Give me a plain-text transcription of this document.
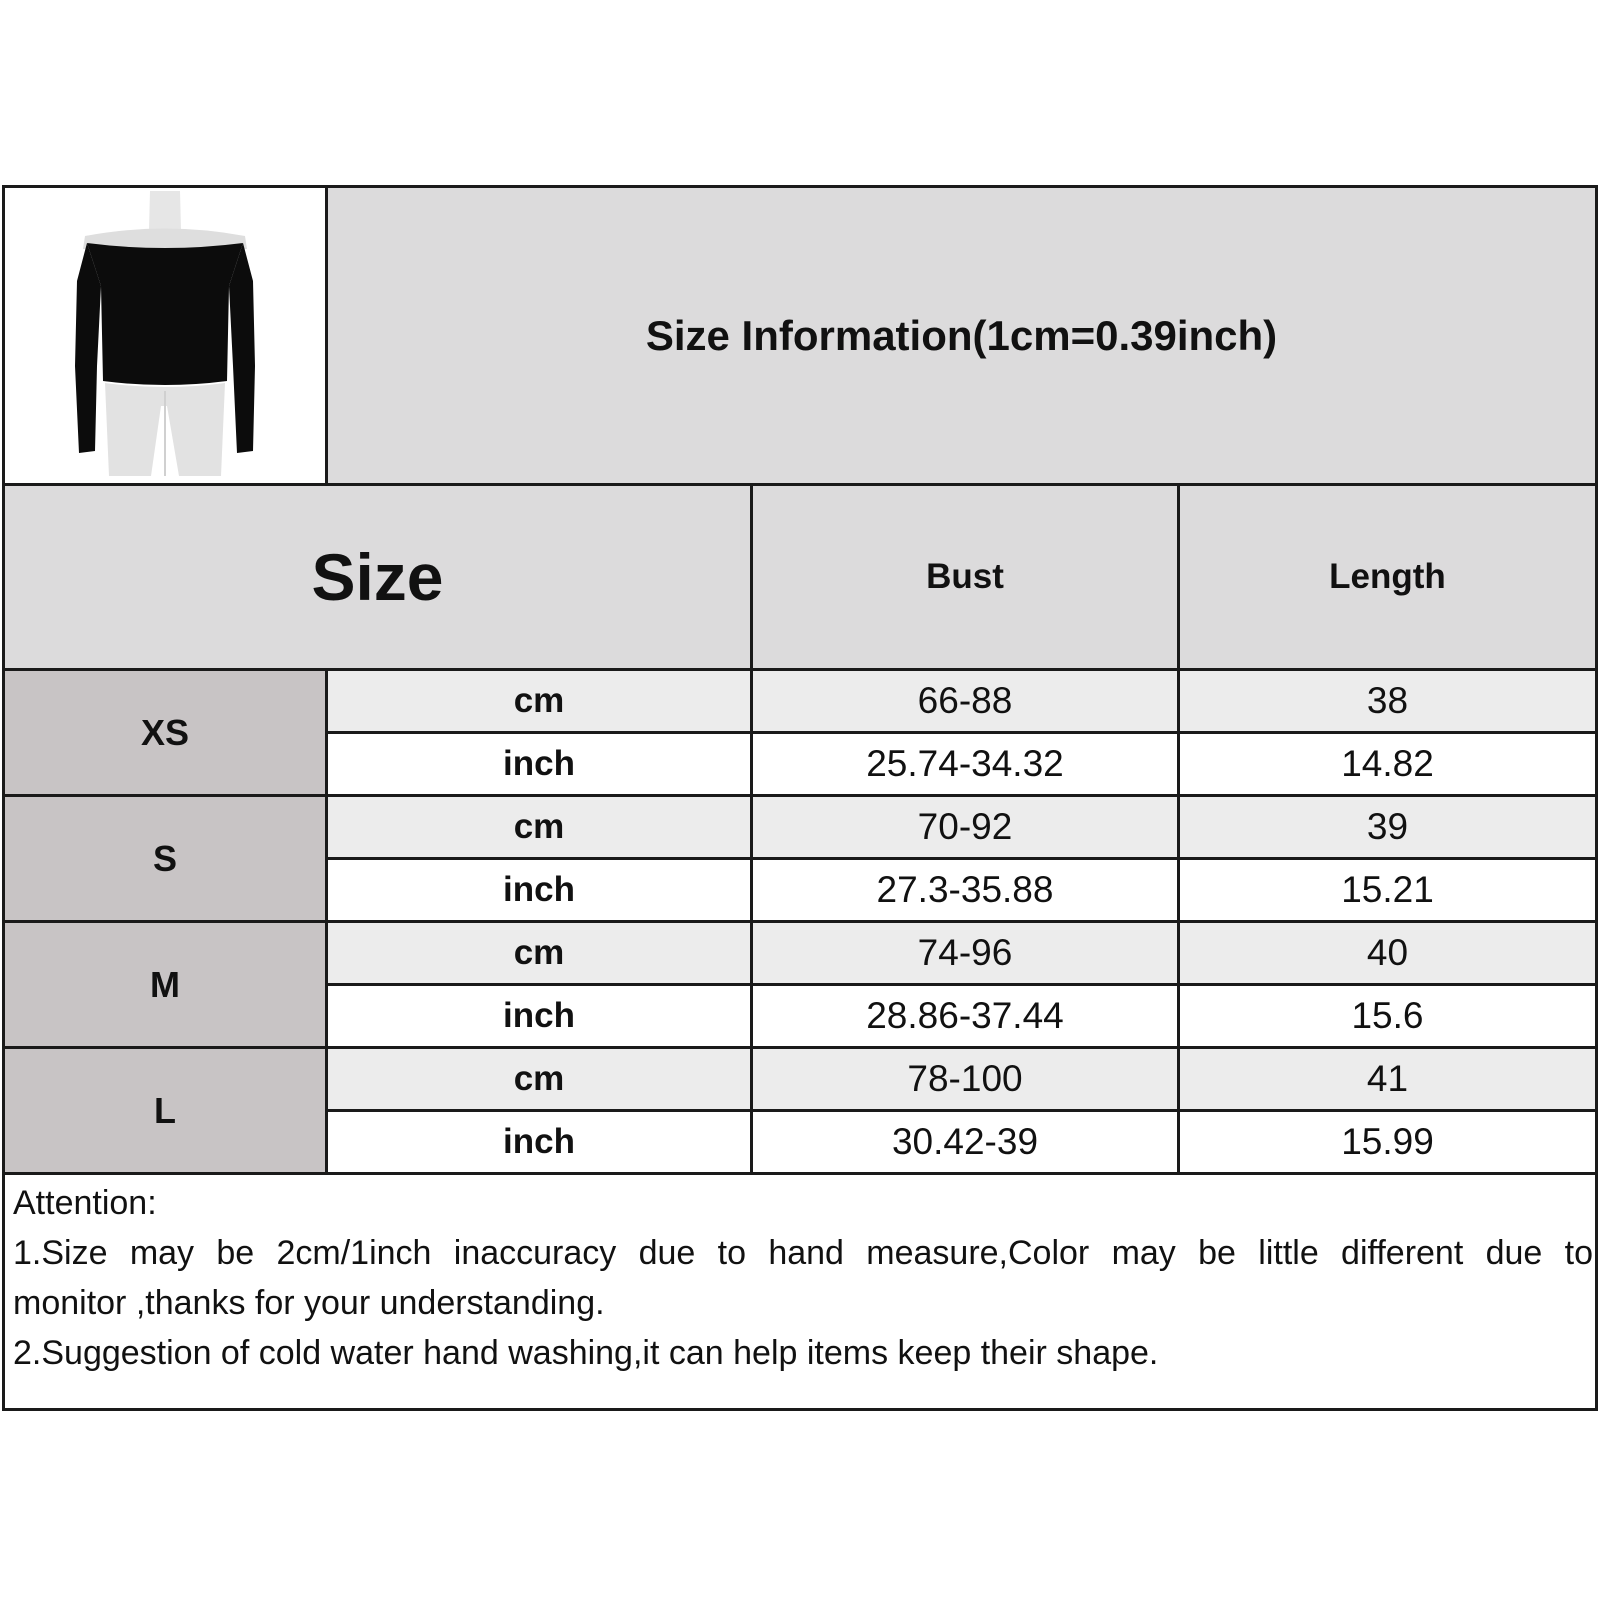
Size Information(1cm=0.39inch)
Size	Bust	Length
XS
cm	66-88	38
inch	25.74-34.32	14.82
S
cm	70-92	39
inch	27.3-35.88	15.21
M
cm	74-96	40
inch	28.86-37.44	15.6
L
cm	78-100	41
inch	30.42-39	15.99
Attention:
1.Size may be 2cm/1inch inaccuracy due to hand measure,Color may be little different due to
monitor ,thanks for your understanding.
2.Suggestion of cold water hand washing,it can help items keep their shape.
